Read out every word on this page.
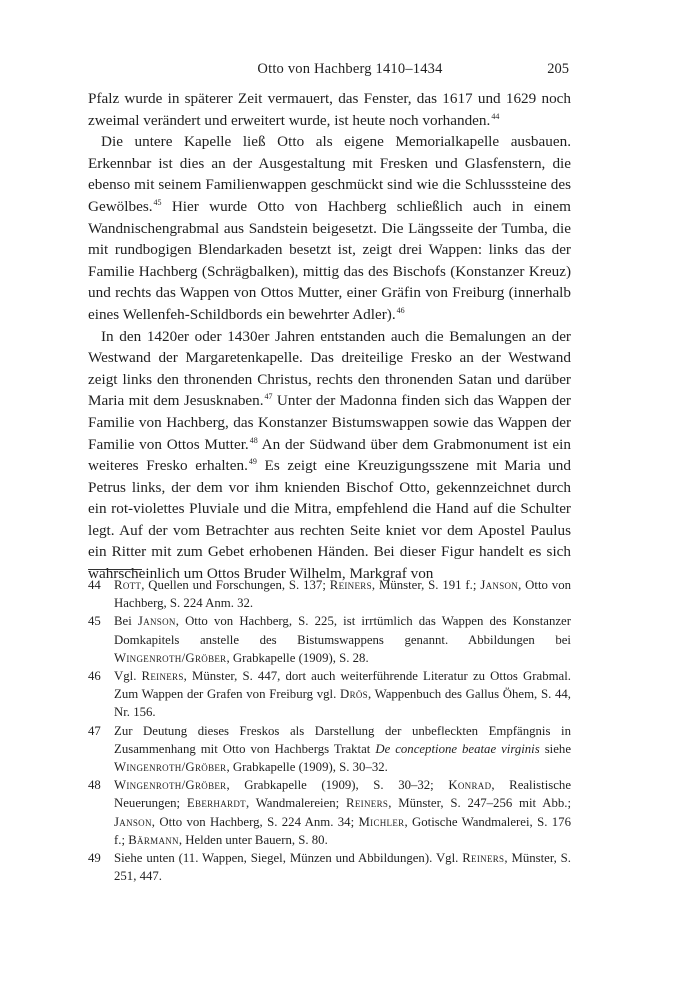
Otto von Hachberg 1410–1434	205

Pfalz wurde in späterer Zeit vermauert, das Fenster, das 1617 und 1629 noch zweimal verändert und erweitert wurde, ist heute noch vorhanden.$^{44}$

Die untere Kapelle ließ Otto als eigene Memorialkapelle ausbauen. Erkennbar ist dies an der Ausgestaltung mit Fresken und Glasfenstern, die ebenso mit seinem Familienwappen geschmückt sind wie die Schlusssteine des Gewölbes.$^{45}$ Hier wurde Otto von Hachberg schließlich auch in einem Wandnischengrabmal aus Sandstein beigesetzt. Die Längsseite der Tumba, die mit rundbogigen Blendarkaden besetzt ist, zeigt drei Wappen: links das der Familie Hachberg (Schrägbalken), mittig das des Bischofs (Konstanzer Kreuz) und rechts das Wappen von Ottos Mutter, einer Gräfin von Freiburg (innerhalb eines Wellenfeh-Schildbords ein bewehrter Adler).$^{46}$

In den 1420er oder 1430er Jahren entstanden auch die Bemalungen an der Westwand der Margaretenkapelle. Das dreiteilige Fresko an der Westwand zeigt links den thronenden Christus, rechts den thronenden Satan und darüber Maria mit dem Jesusknaben.$^{47}$ Unter der Madonna finden sich das Wappen der Familie von Hachberg, das Konstanzer Bistumswappen sowie das Wappen der Familie von Ottos Mutter.$^{48}$ An der Südwand über dem Grabmonument ist ein weiteres Fresko erhalten.$^{49}$ Es zeigt eine Kreuzigungsszene mit Maria und Petrus links, der dem vor ihm knienden Bischof Otto, gekennzeichnet durch ein rot-violettes Pluviale und die Mitra, empfehlend die Hand auf die Schulter legt. Auf der vom Betrachter aus rechten Seite kniet vor dem Apostel Paulus ein Ritter mit zum Gebet erhobenen Händen. Bei dieser Figur handelt es sich wahrscheinlich um Ottos Bruder Wilhelm, Markgraf von

44 Rott, Quellen und Forschungen, S. 137; Reiners, Münster, S. 191 f.; Janson, Otto von Hachberg, S. 224 Anm. 32.
45 Bei Janson, Otto von Hachberg, S. 225, ist irrtümlich das Wappen des Konstanzer Domkapitels anstelle des Bistumswappens genannt. Abbildungen bei Wingenroth/Gröber, Grabkapelle (1909), S. 28.
46 Vgl. Reiners, Münster, S. 447, dort auch weiterführende Literatur zu Ottos Grabmal. Zum Wappen der Grafen von Freiburg vgl. Drös, Wappenbuch des Gallus Öhem, S. 44, Nr. 156.
47 Zur Deutung dieses Freskos als Darstellung der unbefleckten Empfängnis in Zusammenhang mit Otto von Hachbergs Traktat De conceptione beatae virginis siehe Wingenroth/Gröber, Grabkapelle (1909), S. 30–32.
48 Wingenroth/Gröber, Grabkapelle (1909), S. 30–32; Konrad, Realistische Neuerungen; Eberhardt, Wandmalereien; Reiners, Münster, S. 247–256 mit Abb.; Janson, Otto von Hachberg, S. 224 Anm. 34; Michler, Gotische Wandmalerei, S. 176 f.; Bärmann, Helden unter Bauern, S. 80.
49 Siehe unten (11. Wappen, Siegel, Münzen und Abbildungen). Vgl. Reiners, Münster, S. 251, 447.
